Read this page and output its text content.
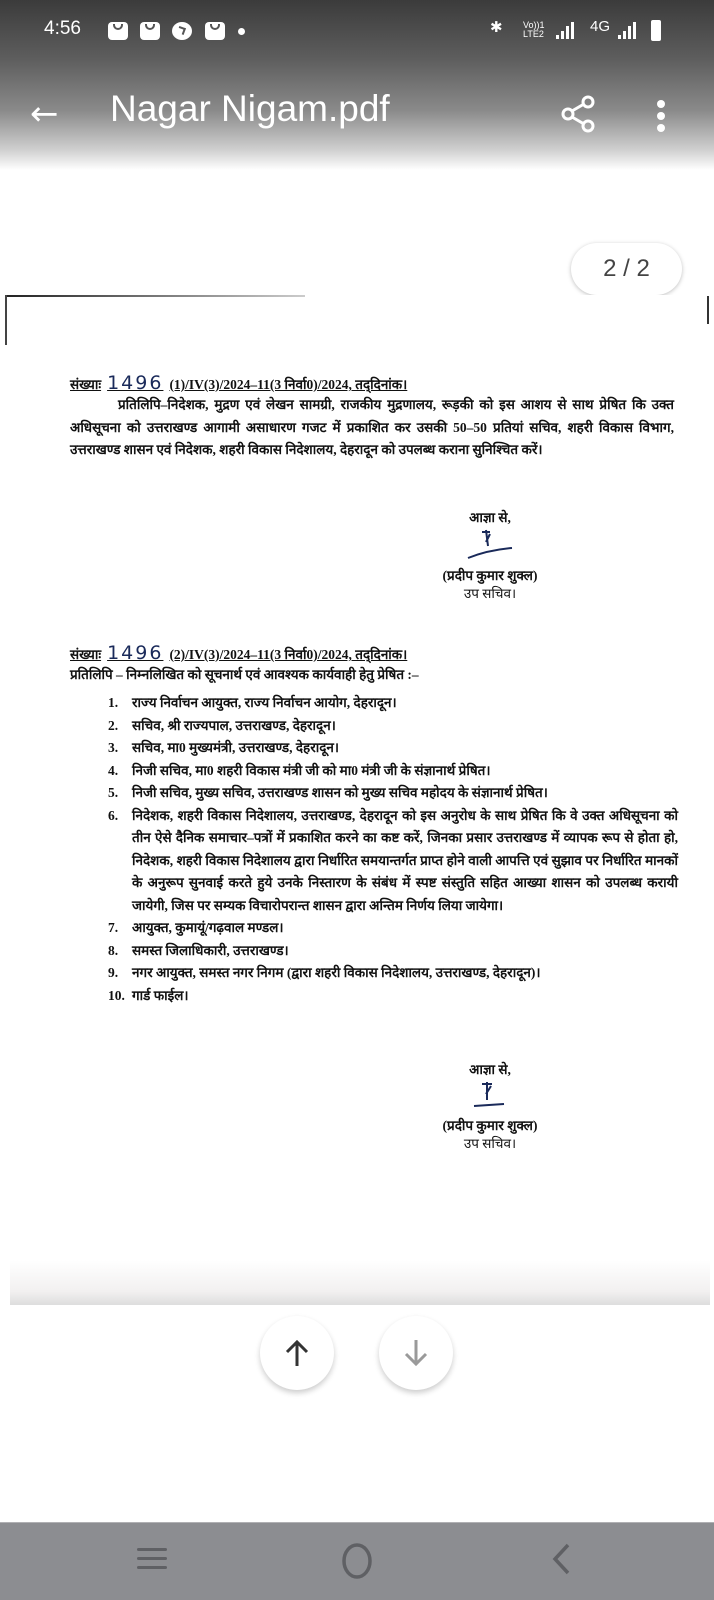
4:56	✱ Vo))1
LTE2	4G
← Nagar Nigam.pdf
2 / 2
संख्याः 1496 (1)/IV(3)/2024–11(3 निर्वा0)/2024, तद्‌दिनांक।
प्रतिलिपि–निदेशक, मुद्रण एवं लेखन सामग्री, राजकीय मुद्रणालय, रूड़की को इस आशय से साथ प्रेषित कि उक्त अधिसूचना को उत्तराखण्ड आगामी असाधारण गजट में प्रकाशित कर उसकी 50–50 प्रतियां सचिव, शहरी विकास विभाग, उत्तराखण्ड शासन एवं निदेशक, शहरी विकास निदेशालय, देहरादून को उपलब्ध कराना सुनिश्चित करें।
आज्ञा से,
(प्रदीप कुमार शुक्ल)
उप सचिव।
संख्याः 1496 (2)/IV(3)/2024–11(3 निर्वा0)/2024, तद्‌दिनांक।
प्रतिलिपि – निम्नलिखित को सूचनार्थ एवं आवश्यक कार्यवाही हेतु प्रेषित :–
1.	राज्य निर्वाचन आयुक्त, राज्य निर्वाचन आयोग, देहरादून।
2.	सचिव, श्री राज्यपाल, उत्तराखण्ड, देहरादून।
3.	सचिव, मा0 मुख्यमंत्री, उत्तराखण्ड, देहरादून।
4.	निजी सचिव, मा0 शहरी विकास मंत्री जी को मा0 मंत्री जी के संज्ञानार्थ प्रेषित।
5.	निजी सचिव, मुख्य सचिव, उत्तराखण्ड शासन को मुख्य सचिव महोदय के संज्ञानार्थ प्रेषित।
6.	निदेशक, शहरी विकास निदेशालय, उत्तराखण्ड, देहरादून को इस अनुरोध के साथ प्रेषित कि वे उक्त अधिसूचना को तीन ऐसे दैनिक समाचार–पत्रों में प्रकाशित करने का कष्ट करें, जिनका प्रसार उत्तराखण्ड में व्यापक रूप से होता हो, निदेशक, शहरी विकास निदेशालय द्वारा निर्धारित समयान्तर्गत प्राप्त होने वाली आपत्ति एवं सुझाव पर निर्धारित मानकों के अनुरूप सुनवाई करते हुये उनके निस्तारण के संबंध में स्पष्ट संस्तुति सहित आख्या शासन को उपलब्ध करायी जायेगी, जिस पर सम्यक विचारोपरान्त शासन द्वारा अन्तिम निर्णय लिया जायेगा।
7.	आयुक्त, कुमायूं/गढ़वाल मण्डल।
8.	समस्त जिलाधिकारी, उत्तराखण्ड।
9.	नगर आयुक्त, समस्त नगर निगम (द्वारा शहरी विकास निदेशालय, उत्तराखण्ड, देहरादून)।
10. गार्ड फाईल।
आज्ञा से,
(प्रदीप कुमार शुक्ल)
उप सचिव।
